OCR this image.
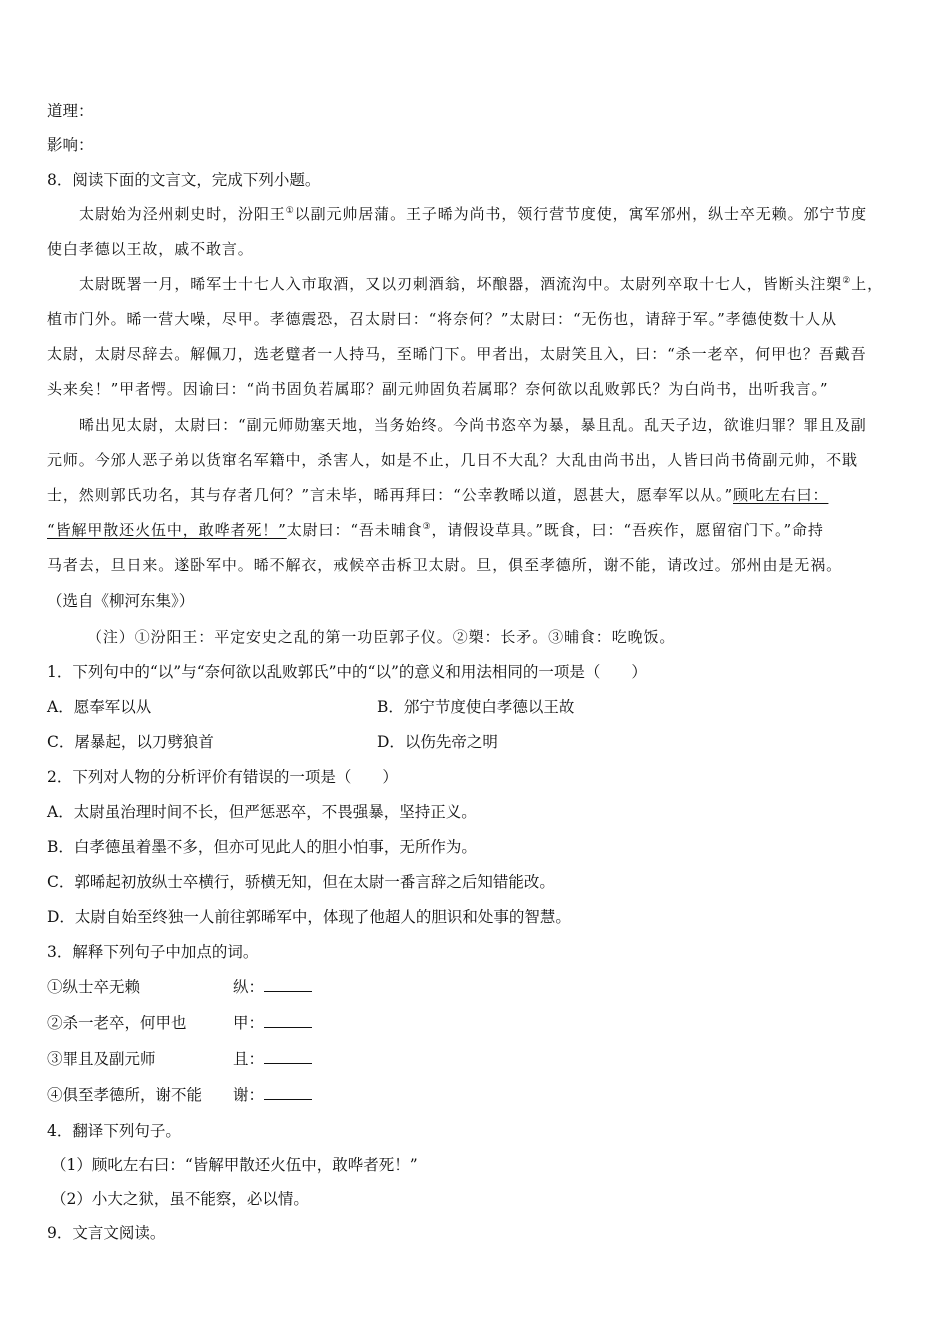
道理：
影响：
8．阅读下面的文言文，完成下列小题。
太尉始为泾州刺史时，汾阳王①以副元帅居蒲。王子晞为尚书，领行营节度使，寓军邠州，纵士卒无赖。邠宁节度
使白孝德以王故，戚不敢言。
太尉既署一月，晞军士十七人入市取酒，又以刃刺酒翁，坏酿器，酒流沟中。太尉列卒取十七人，皆断头注槊②上，
植市门外。晞一营大噪，尽甲。孝德震恐，召太尉曰：“将奈何？”太尉曰：“无伤也，请辞于军。”孝德使数十人从
太尉，太尉尽辞去。解佩刀，选老躄者一人持马，至晞门下。甲者出，太尉笑且入，曰：“杀一老卒，何甲也？吾戴吾
头来矣！”甲者愕。因谕曰：“尚书固负若属耶？副元帅固负若属耶？奈何欲以乱败郭氏？为白尚书，出听我言。”
晞出见太尉，太尉曰：“副元师勋塞天地，当务始终。今尚书恣卒为暴，暴且乱。乱天子边，欲谁归罪？罪且及副
元师。今邠人恶子弟以货窜名军籍中，杀害人，如是不止，几日不大乱？大乱由尚书出，人皆曰尚书倚副元帅，不戢
士，然则郭氏功名，其与存者几何？”言未毕，晞再拜曰：“公幸教晞以道，恩甚大，愿奉军以从。”顾叱左右曰：
“皆解甲散还火伍中，敢哗者死！”太尉曰：“吾未晡食③，请假设草具。”既食，曰：“吾疾作，愿留宿门下。”命持
马者去，旦日来。遂卧军中。晞不解衣，戒候卒击柝卫太尉。旦，俱至孝德所，谢不能，请改过。邠州由是无祸。
（选自《柳河东集》）
（注）①汾阳王：平定安史之乱的第一功臣郭子仪。②槊：长矛。③晡食：吃晚饭。
1．下列句中的“以”与“奈何欲以乱败郭氏”中的“以”的意义和用法相同的一项是（　　）
A．愿奉军以从	B．邠宁节度使白孝德以王故
C．屠暴起，以刀劈狼首	D．以伤先帝之明
2．下列对人物的分析评价有错误的一项是（　　）
A．太尉虽治理时间不长，但严惩恶卒，不畏强暴，坚持正义。
B．白孝德虽着墨不多，但亦可见此人的胆小怕事，无所作为。
C．郭晞起初放纵士卒横行，骄横无知，但在太尉一番言辞之后知错能改。
D．太尉自始至终独一人前往郭晞军中，体现了他超人的胆识和处事的智慧。
3．解释下列句子中加点的词。
①纵士卒无赖	纵：
②杀一老卒，何甲也	甲：
③罪且及副元师	且：
④俱至孝德所，谢不能 谢：
4．翻译下列句子。
（1）顾叱左右曰：“皆解甲散还火伍中，敢哗者死！”
（2）小大之狱，虽不能察，必以情。
9．文言文阅读。
